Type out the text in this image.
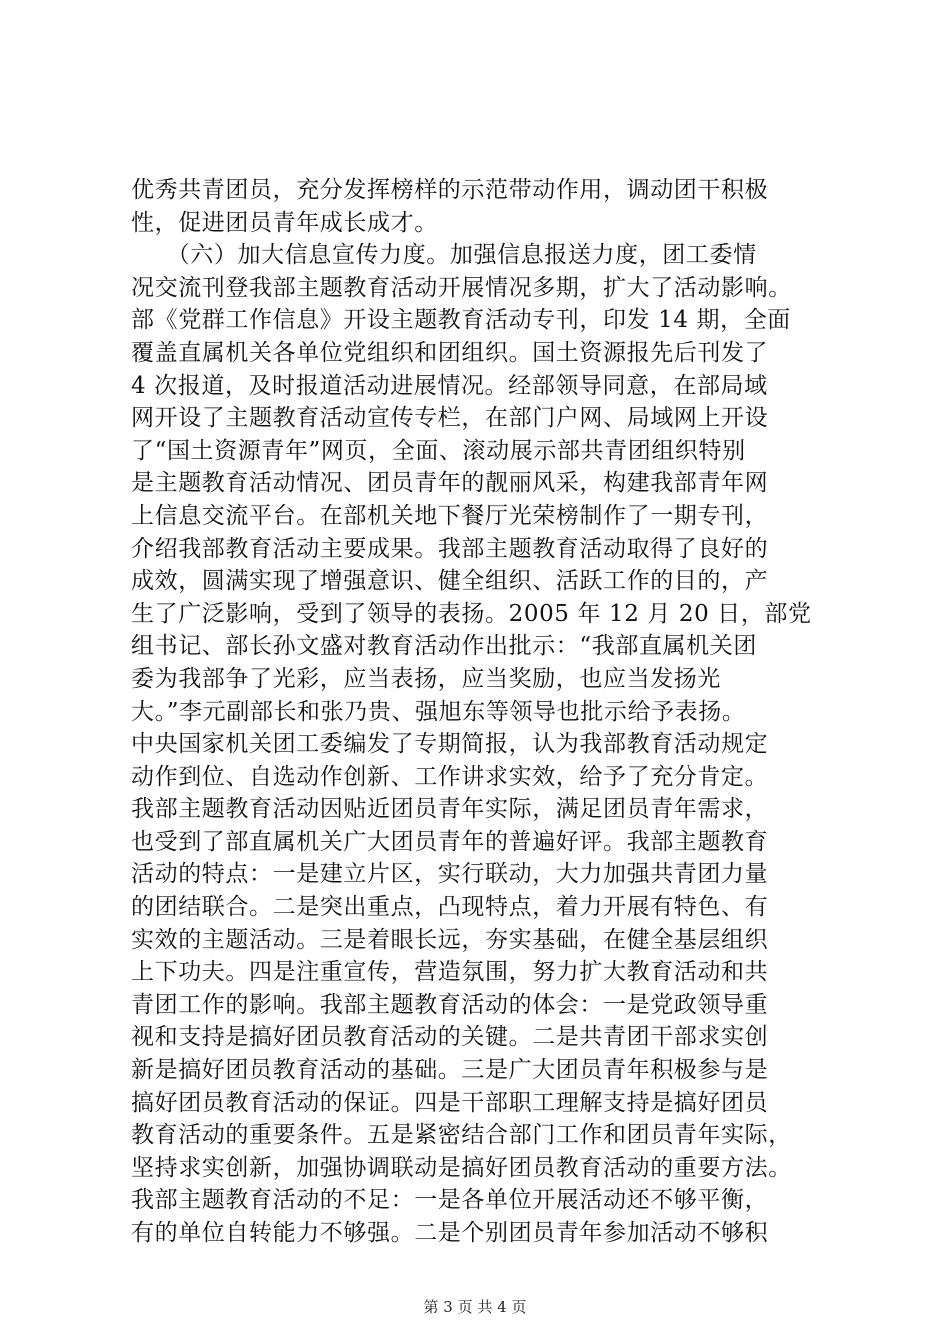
优秀共青团员，充分发挥榜样的示范带动作用，调动团干积极
性，促进团员青年成长成才。
　　（六）加大信息宣传力度。加强信息报送力度，团工委情
况交流刊登我部主题教育活动开展情况多期，扩大了活动影响。
部《党群工作信息》开设主题教育活动专刊，印发 14 期，全面
覆盖直属机关各单位党组织和团组织。国土资源报先后刊发了
4 次报道，及时报道活动进展情况。经部领导同意，在部局域
网开设了主题教育活动宣传专栏，在部门户网、局域网上开设
了“国土资源青年”网页，全面、滚动展示部共青团组织特别
是主题教育活动情况、团员青年的靓丽风采，构建我部青年网
上信息交流平台。在部机关地下餐厅光荣榜制作了一期专刊，
介绍我部教育活动主要成果。我部主题教育活动取得了良好的
成效，圆满实现了增强意识、健全组织、活跃工作的目的，产
生了广泛影响，受到了领导的表扬。2005 年 12 月 20 日，部党
组书记、部长孙文盛对教育活动作出批示：“我部直属机关团
委为我部争了光彩，应当表扬，应当奖励，也应当发扬光
大。”李元副部长和张乃贵、强旭东等领导也批示给予表扬。
中央国家机关团工委编发了专期简报，认为我部教育活动规定
动作到位、自选动作创新、工作讲求实效，给予了充分肯定。
我部主题教育活动因贴近团员青年实际，满足团员青年需求，
也受到了部直属机关广大团员青年的普遍好评。我部主题教育
活动的特点：一是建立片区，实行联动，大力加强共青团力量
的团结联合。二是突出重点，凸现特点，着力开展有特色、有
实效的主题活动。三是着眼长远，夯实基础，在健全基层组织
上下功夫。四是注重宣传，营造氛围，努力扩大教育活动和共
青团工作的影响。我部主题教育活动的体会：一是党政领导重
视和支持是搞好团员教育活动的关键。二是共青团干部求实创
新是搞好团员教育活动的基础。三是广大团员青年积极参与是
搞好团员教育活动的保证。四是干部职工理解支持是搞好团员
教育活动的重要条件。五是紧密结合部门工作和团员青年实际，
坚持求实创新，加强协调联动是搞好团员教育活动的重要方法。
我部主题教育活动的不足：一是各单位开展活动还不够平衡，
有的单位自转能力不够强。二是个别团员青年参加活动不够积
第 3 页 共 4 页
